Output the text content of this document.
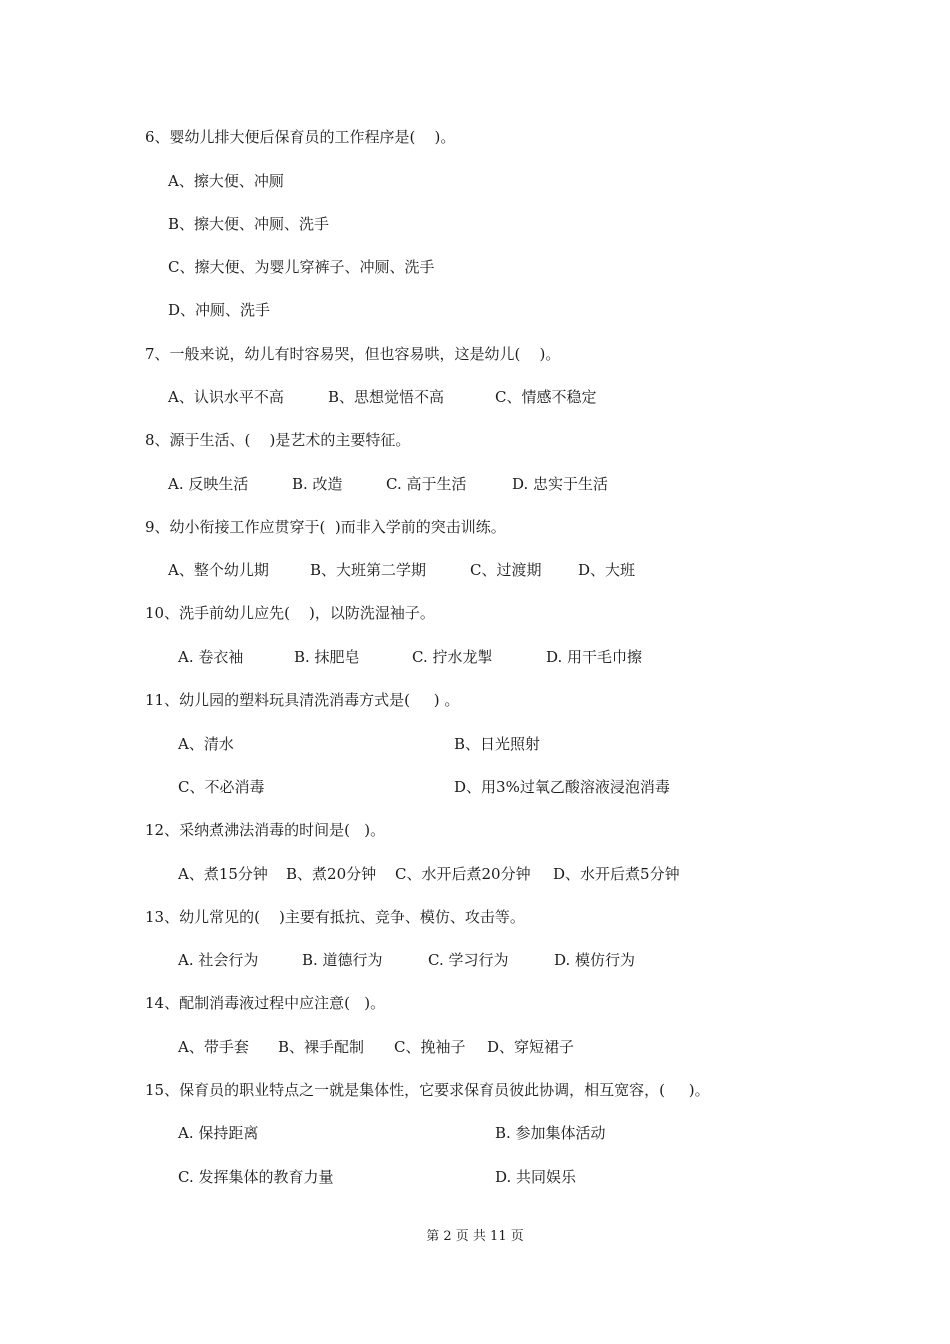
6、婴幼儿排大便后保育员的工作程序是(    )。
A、擦大便、冲厕
B、擦大便、冲厕、洗手
C、擦大便、为婴儿穿裤子、冲厕、洗手
D、冲厕、洗手
7、一般来说，幼儿有时容易哭，但也容易哄，这是幼儿(    )。
A、认识水平不高	B、思想觉悟不高	C、情感不稳定
8、源于生活、(    )是艺术的主要特征。
A. 反映生活	B. 改造	C. 高于生活	D. 忠实于生活
9、幼小衔接工作应贯穿于(  )而非入学前的突击训练。
A、整个幼儿期	B、大班第二学期	C、过渡期 D、大班
10、洗手前幼儿应先(    )，以防洗湿袖子。
A. 卷衣袖	B. 抹肥皂	C. 拧水龙掣	D. 用干毛巾擦
11、幼儿园的塑料玩具清洗消毒方式是(     ) 。
A、清水	B、日光照射
C、不必消毒	D、用3%过氧乙酸溶液浸泡消毒
12、采纳煮沸法消毒的时间是(   )。
A、煮15分钟 B、煮20分钟 C、水开后煮20分钟 D、水开后煮5分钟
13、幼儿常见的(    )主要有抵抗、竞争、模仿、攻击等。
A. 社会行为	B. 道德行为	C. 学习行为	D. 模仿行为
14、配制消毒液过程中应注意(   )。
A、带手套 B、裸手配制 C、挽袖子 D、穿短裙子
15、保育员的职业特点之一就是集体性，它要求保育员彼此协调，相互宽容，(     )。
A. 保持距离	B. 参加集体活动
C. 发挥集体的教育力量	D. 共同娱乐
第 2 页 共 11 页
